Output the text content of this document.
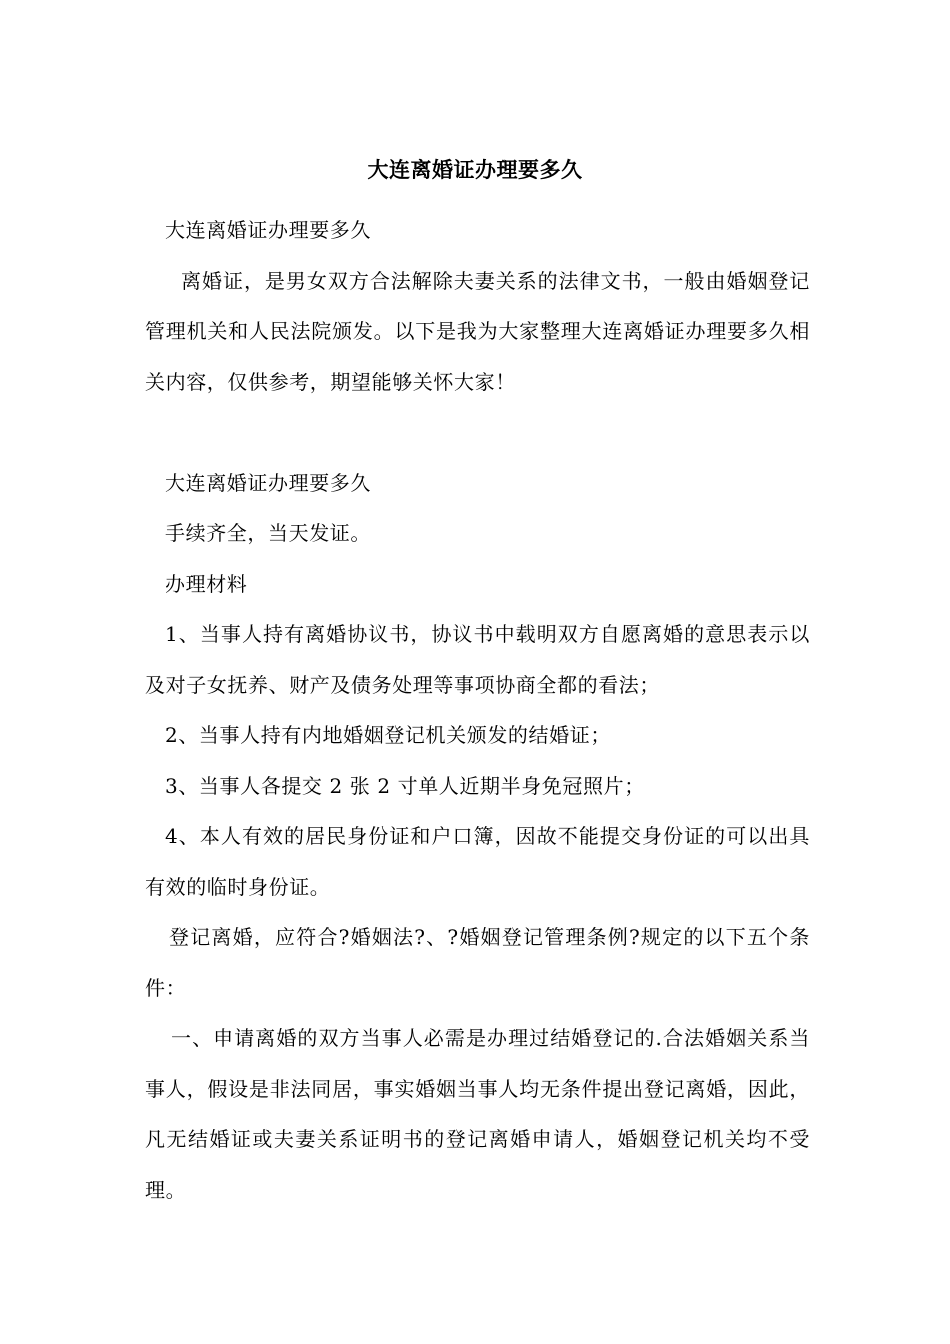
大连离婚证办理要多久

大连离婚证办理要多久

离婚证，是男女双方合法解除夫妻关系的法律文书，一般由婚姻登记管理机关和人民法院颁发。以下是我为大家整理大连离婚证办理要多久相关内容，仅供参考，期望能够关怀大家！

大连离婚证办理要多久

手续齐全，当天发证。

办理材料

1、当事人持有离婚协议书，协议书中载明双方自愿离婚的意思表示以及对子女抚养、财产及债务处理等事项协商全都的看法；

2、当事人持有内地婚姻登记机关颁发的结婚证；

3、当事人各提交 2 张 2 寸单人近期半身免冠照片；

4、本人有效的居民身份证和户口簿，因故不能提交身份证的可以出具有效的临时身份证。

登记离婚，应符合?婚姻法?、?婚姻登记管理条例?规定的以下五个条件：

一、申请离婚的双方当事人必需是办理过结婚登记的.合法婚姻关系当事人，假设是非法同居，事实婚姻当事人均无条件提出登记离婚，因此，凡无结婚证或夫妻关系证明书的登记离婚申请人，婚姻登记机关均不受理。
